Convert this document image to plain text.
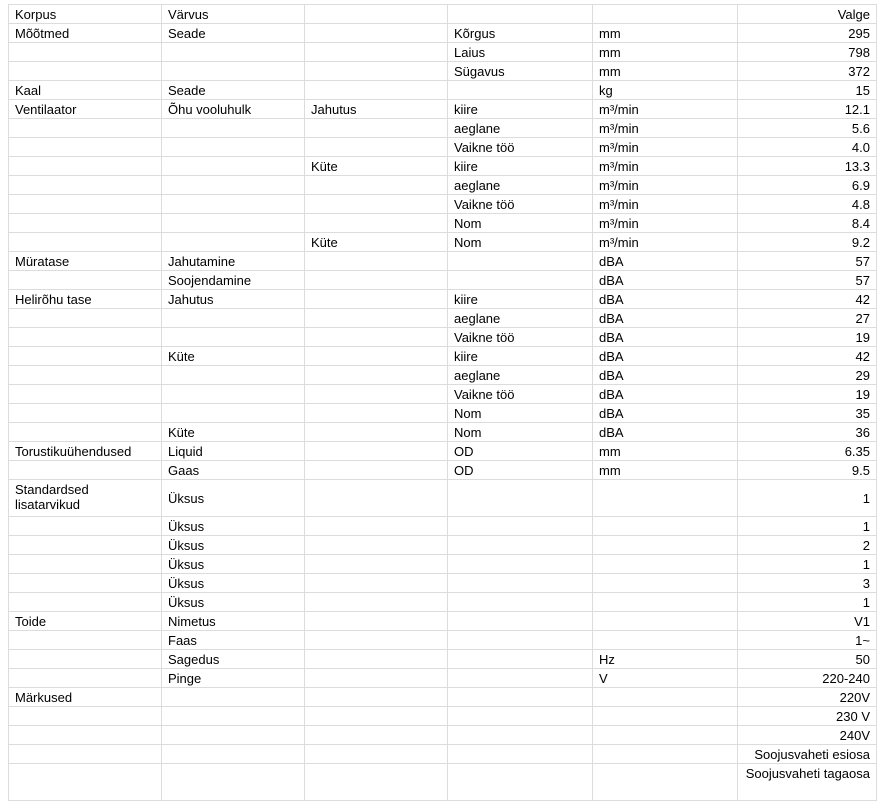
Korpus	Värvus				Valge
Mõõtmed	Seade		Kõrgus	mm	295
			Laius	mm	798
			Sügavus	mm	372
Kaal	Seade			kg	15
Ventilaator	Õhu vooluhulk	Jahutus	kiire	m³/min	12.1
			aeglane	m³/min	5.6
			Vaikne töö	m³/min	4.0
		Küte	kiire	m³/min	13.3
			aeglane	m³/min	6.9
			Vaikne töö	m³/min	4.8
			Nom	m³/min	8.4
		Küte	Nom	m³/min	9.2
Müratase	Jahutamine			dBA	57
	Soojendamine			dBA	57
Helirõhu tase	Jahutus		kiire	dBA	42
			aeglane	dBA	27
			Vaikne töö	dBA	19
	Küte		kiire	dBA	42
			aeglane	dBA	29
			Vaikne töö	dBA	19
			Nom	dBA	35
	Küte		Nom	dBA	36
Torustikuühendused	Liquid		OD	mm	6.35
	Gaas		OD	mm	9.5
Standardsed lisatarvikud	Üksus				1
	Üksus				1
	Üksus				2
	Üksus				1
	Üksus				3
	Üksus				1
Toide	Nimetus				V1
	Faas				1~
	Sagedus			Hz	50
	Pinge			V	220-240
Märkused					220V
					230 V
					240V
					Soojusvaheti esiosa
					Soojusvaheti tagaosa
